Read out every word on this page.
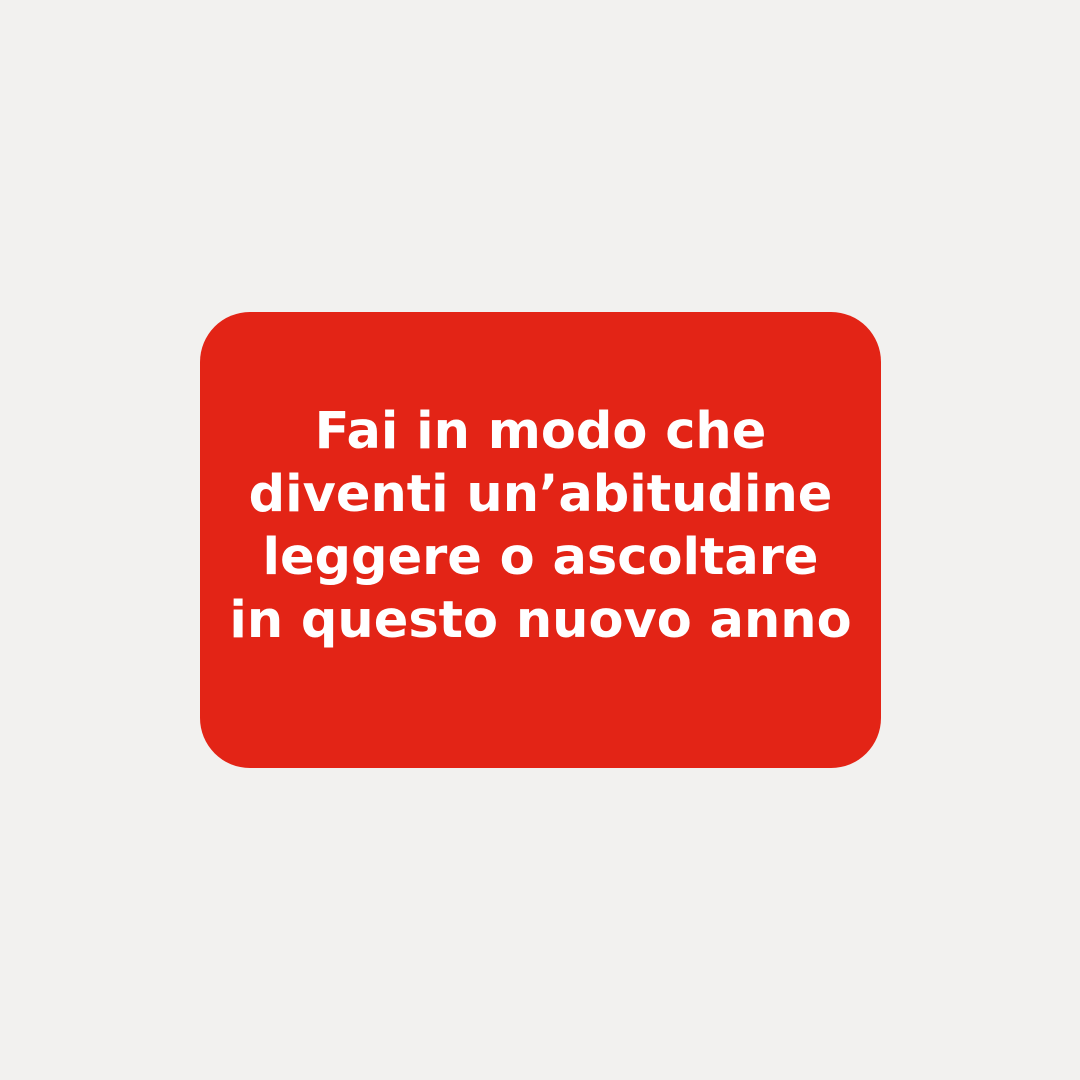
Fai in modo che
diventi un’abitudine
leggere o ascoltare
in questo nuovo anno
